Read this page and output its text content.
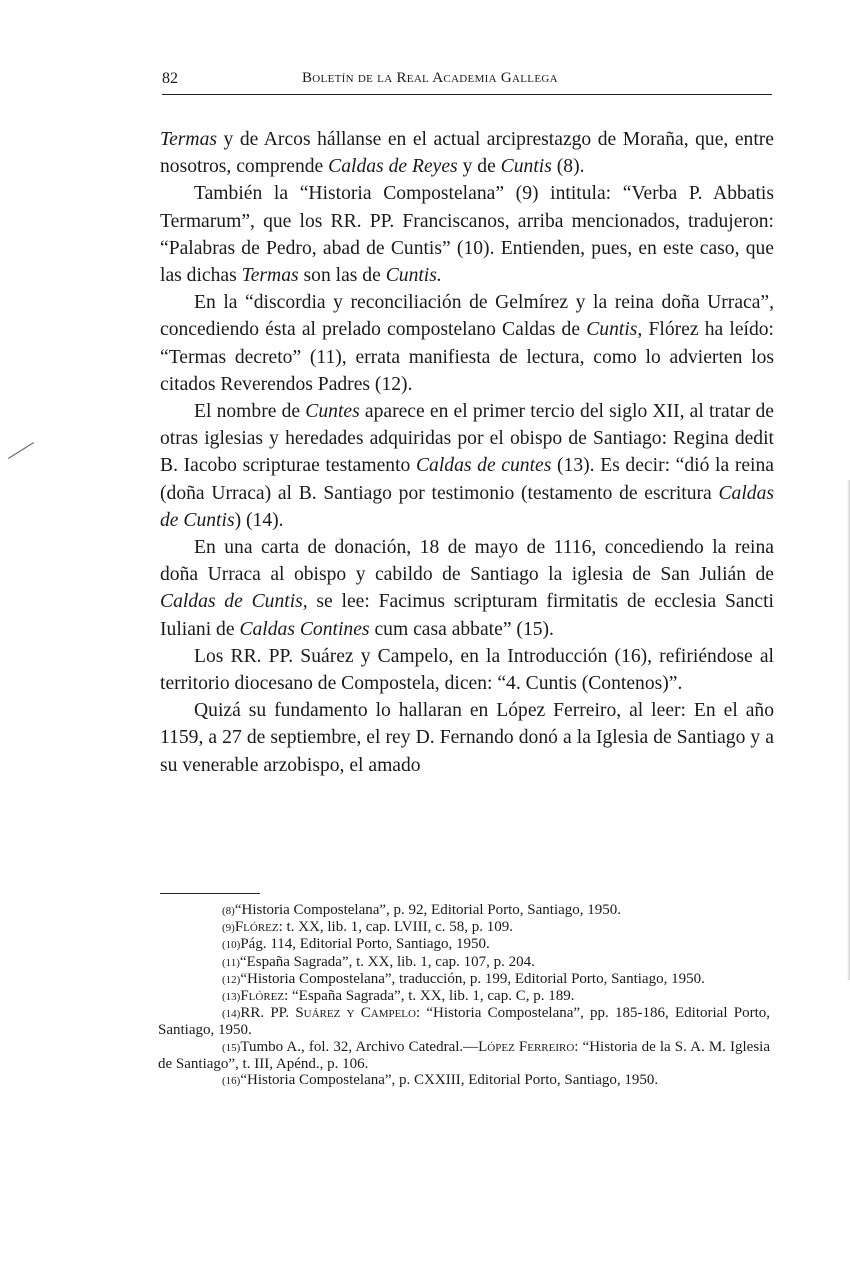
82	Boletín de la Real Academia Gallega

Termas y de Arcos hállanse en el actual arciprestazgo de Moraña, que, entre nosotros, comprende Caldas de Reyes y de Cuntis (8).

También la “Historia Compostelana” (9) intitula: “Verba P. Abbatis Termarum”, que los RR. PP. Franciscanos, arriba mencionados, tradujeron: “Palabras de Pedro, abad de Cuntis” (10). Entienden, pues, en este caso, que las dichas Termas son las de Cuntis.

En la “discordia y reconciliación de Gelmírez y la reina doña Urraca”, concediendo ésta al prelado compostelano Caldas de Cuntis, Flórez ha leído: “Termas decreto” (11), errata manifiesta de lectura, como lo advierten los citados Reverendos Padres (12).

El nombre de Cuntes aparece en el primer tercio del siglo XII, al tratar de otras iglesias y heredades adquiridas por el obispo de Santiago: Regina dedit B. Iacobo scripturae testamento Caldas de cuntes (13). Es decir: “dió la reina (doña Urraca) al B. Santiago por testimonio (testamento de escritura Caldas de Cuntis) (14).

En una carta de donación, 18 de mayo de 1116, concediendo la reina doña Urraca al obispo y cabildo de Santiago la iglesia de San Julián de Caldas de Cuntis, se lee: Facimus scripturam firmitatis de ecclesia Sancti Iuliani de Caldas Contines cum casa abbate” (15).

Los RR. PP. Suárez y Campelo, en la Introducción (16), refiriéndose al territorio diocesano de Compostela, dicen: “4. Cuntis (Contenos)”.

Quizá su fundamento lo hallaran en López Ferreiro, al leer: En el año 1159, a 27 de septiembre, el rey D. Fernando donó a la Iglesia de Santiago y a su venerable arzobispo, el amado

(8)“Historia Compostelana”, p. 92, Editorial Porto, Santiago, 1950.

(9)Flórez: t. XX, lib. 1, cap. LVIII, c. 58, p. 109.

(10)Pág. 114, Editorial Porto, Santiago, 1950.

(11)“España Sagrada”, t. XX, lib. 1, cap. 107, p. 204.

(12)“Historia Compostelana”, traducción, p. 199, Editorial Porto, Santiago, 1950.

(13)Flórez: “España Sagrada”, t. XX, lib. 1, cap. C, p. 189.

(14)RR. PP. Suárez y Campelo: “Historia Compostelana”, pp. 185-186, Editorial Porto, Santiago, 1950.

(15)Tumbo A., fol. 32, Archivo Catedral.—López Ferreiro: “Historia de la S. A. M. Iglesia de Santiago”, t. III, Apénd., p. 106.

(16)“Historia Compostelana”, p. CXXIII, Editorial Porto, Santiago, 1950.
